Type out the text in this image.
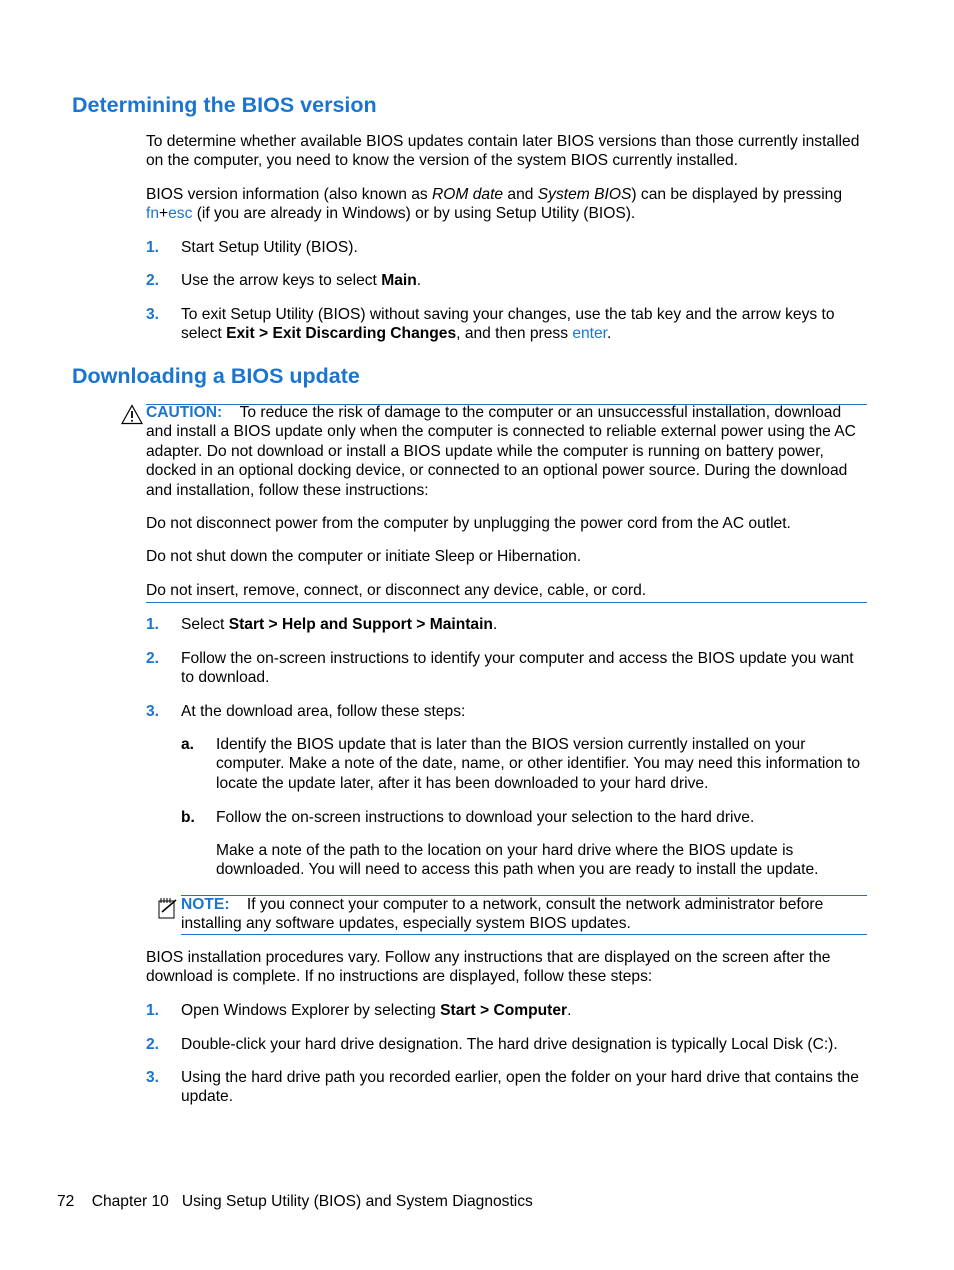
Determining the BIOS version
To determine whether available BIOS updates contain later BIOS versions than those currently installed on the computer, you need to know the version of the system BIOS currently installed.
BIOS version information (also known as ROM date and System BIOS) can be displayed by pressing
fn+esc (if you are already in Windows) or by using Setup Utility (BIOS).
1. Start Setup Utility (BIOS).
2. Use the arrow keys to select Main.
3. To exit Setup Utility (BIOS) without saving your changes, use the tab key and the arrow keys to select Exit > Exit Discarding Changes, and then press enter.
Downloading a BIOS update
CAUTION: To reduce the risk of damage to the computer or an unsuccessful installation, download and install a BIOS update only when the computer is connected to reliable external power using the AC adapter. Do not download or install a BIOS update while the computer is running on battery power, docked in an optional docking device, or connected to an optional power source. During the download and installation, follow these instructions:
Do not disconnect power from the computer by unplugging the power cord from the AC outlet.
Do not shut down the computer or initiate Sleep or Hibernation.
Do not insert, remove, connect, or disconnect any device, cable, or cord.
1. Select Start > Help and Support > Maintain.
2. Follow the on-screen instructions to identify your computer and access the BIOS update you want to download.
3. At the download area, follow these steps:
a. Identify the BIOS update that is later than the BIOS version currently installed on your computer. Make a note of the date, name, or other identifier. You may need this information to locate the update later, after it has been downloaded to your hard drive.
b. Follow the on-screen instructions to download your selection to the hard drive.
Make a note of the path to the location on your hard drive where the BIOS update is downloaded. You will need to access this path when you are ready to install the update.
NOTE: If you connect your computer to a network, consult the network administrator before installing any software updates, especially system BIOS updates.
BIOS installation procedures vary. Follow any instructions that are displayed on the screen after the download is complete. If no instructions are displayed, follow these steps:
1. Open Windows Explorer by selecting Start > Computer.
2. Double-click your hard drive designation. The hard drive designation is typically Local Disk (C:).
3. Using the hard drive path you recorded earlier, open the folder on your hard drive that contains the update.
72 Chapter 10 Using Setup Utility (BIOS) and System Diagnostics
